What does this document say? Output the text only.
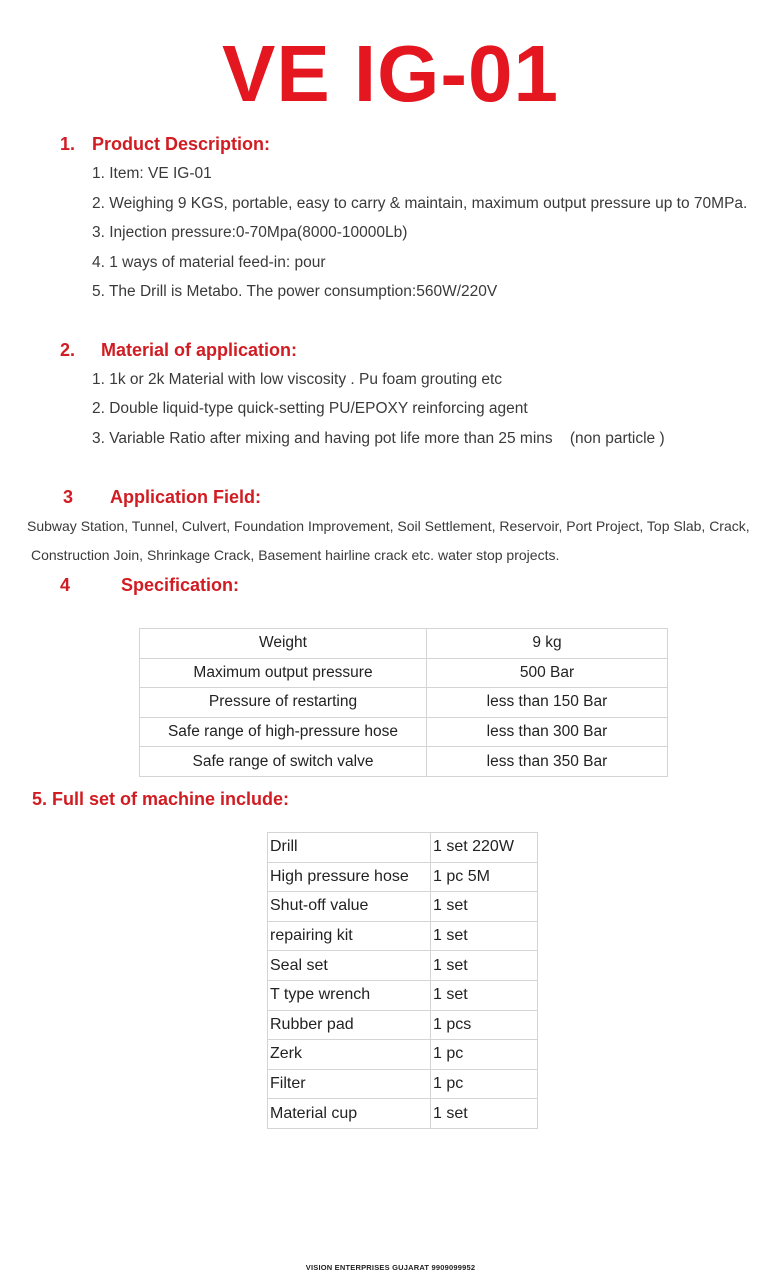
VE IG-01
1. Product Description:
1. Item: VE IG-01
2. Weighing 9 KGS, portable, easy to carry & maintain, maximum output pressure up to 70MPa.
3. Injection pressure:0-70Mpa(8000-10000Lb)
4. 1 ways of material feed-in: pour
5. The Drill is Metabo. The power consumption:560W/220V
2. Material of application:
1. 1k or 2k Material with low viscosity . Pu foam grouting etc
2. Double liquid-type quick-setting PU/EPOXY reinforcing agent
3. Variable Ratio after mixing and having pot life more than 25 mins    (non particle )
3 Application Field:
Subway Station, Tunnel, Culvert, Foundation Improvement, Soil Settlement, Reservoir, Port Project, Top Slab, Crack,
Construction Join, Shrinkage Crack, Basement hairline crack etc. water stop projects.
4	Specification:
Weight	9 kg
Maximum output pressure	500 Bar
Pressure of restarting	less than 150 Bar
Safe range of high-pressure hose	less than 300 Bar
Safe range of switch valve	less than 350 Bar
5. Full set of machine include:
Drill	1 set 220W
High pressure hose	1 pc 5M
Shut-off value	1 set
repairing kit	1 set
Seal set	1 set
T type wrench	1 set
Rubber pad	1 pcs
Zerk	1 pc
Filter	1 pc
Material cup	1 set
VISION ENTERPRISES GUJARAT 9909099952
